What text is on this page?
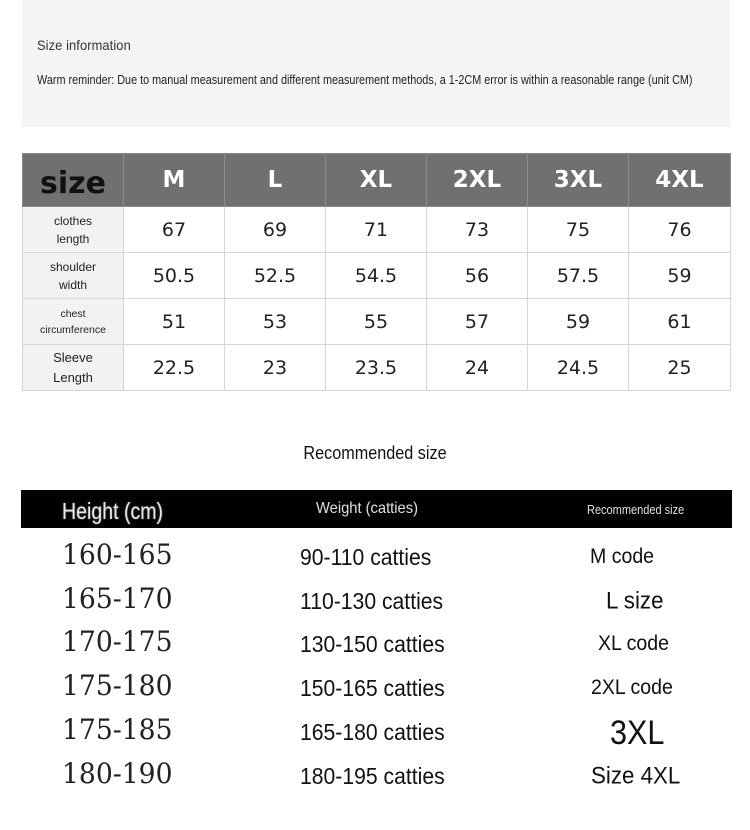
Size information
Warm reminder: Due to manual measurement and different measurement methods, a 1-2CM error is within a reasonable range (unit CM)
size	M	L	XL	2XL	3XL	4XL

clothes
length	67	69	71	73	75	76

shoulder
width	50.5	52.5	54.5	56	57.5	59

chest
circumference	51	53	55	57	59	61

Sleeve
Length	22.5	23	23.5	24	24.5	25
Recommended size
Height (cm)	Weight (catties)	Recommended size
160-165	90-110 catties	M code
165-170	110-130 catties	L size
170-175	130-150 catties	XL code
175-180	150-165 catties	2XL code
175-185	165-180 catties	3XL
180-190	180-195 catties	Size 4XL
